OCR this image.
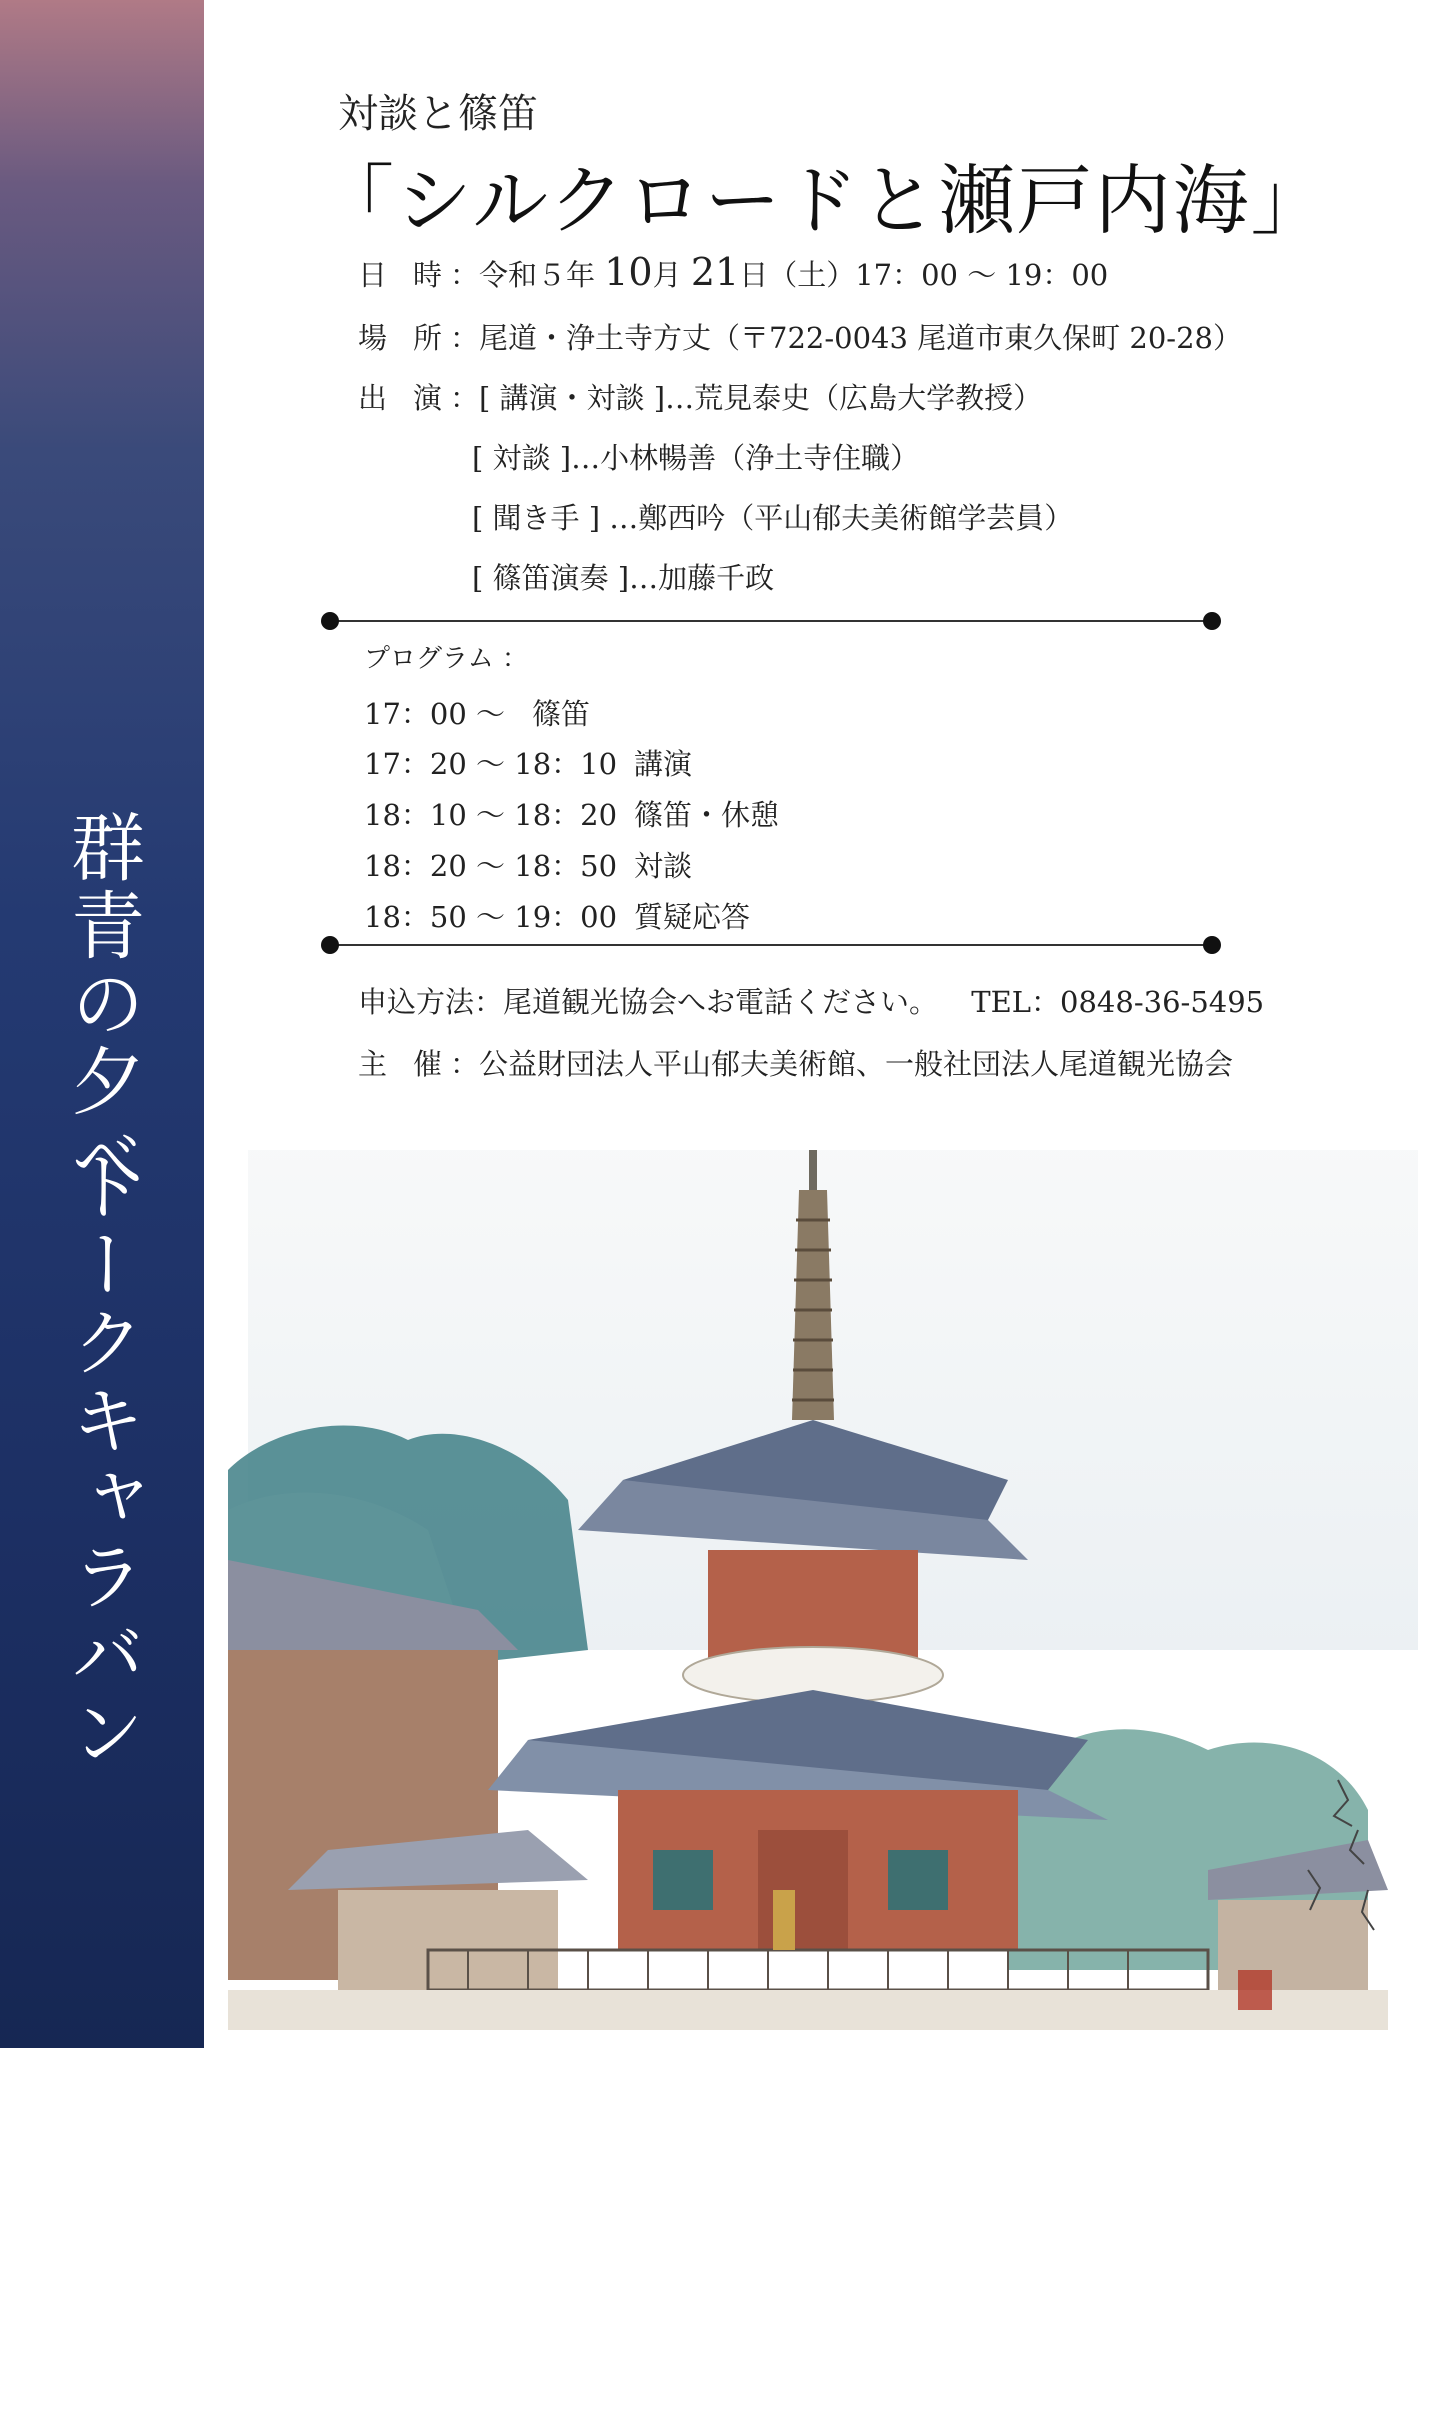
群青の夕べ
トークキャラバン
対談と篠笛
「シルクロードと瀬戸内海」
日時：令和５年 10月 21日（土）17：00 ～ 19：00
場所：尾道・浄土寺方丈（〒722-0043 尾道市東久保町 20-28）
出演：[ 講演・対談 ]…荒見泰史（広島大学教授）
[ 対談 ]…小林暢善（浄土寺住職）
[ 聞き手 ] …鄭西吟（平山郁夫美術館学芸員）
[ 篠笛演奏 ]…加藤千政
プログラム ：
17：00 ～ 篠笛
17：20 ～ 18：10 講演
18：10 ～ 18：20 篠笛・休憩
18：20 ～ 18：50 対談
18：50 ～ 19：00 質疑応答
申込方法：尾道観光協会へお電話ください。 TEL：0848-36-5495
主催：公益財団法人平山郁夫美術館、一般社団法人尾道観光協会
